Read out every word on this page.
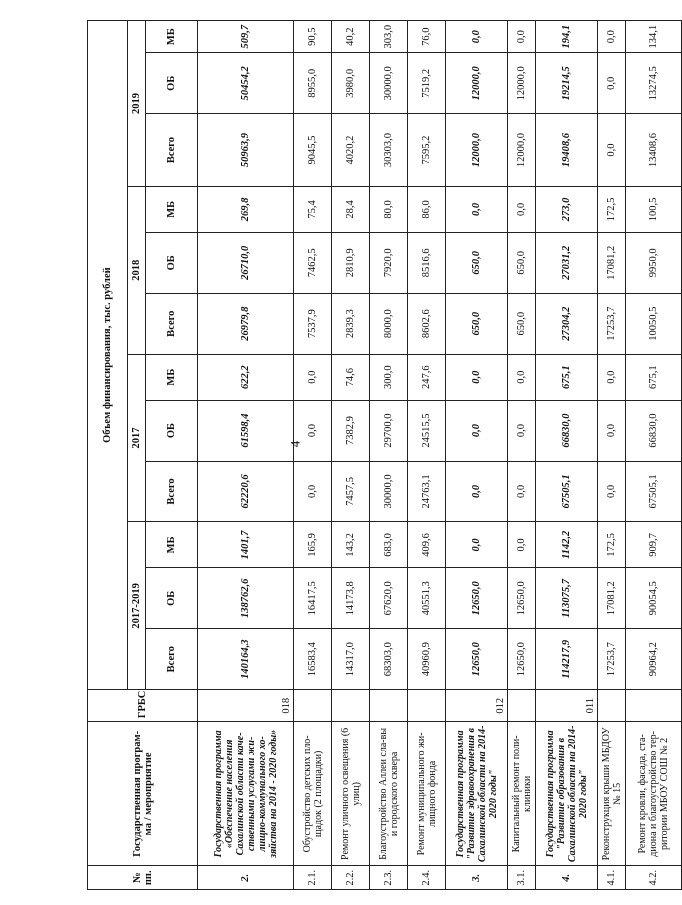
4
№ пп.	Государственная програм-ма / мероприятие	ГРБС	Объем финансирования, тыс. рублей											
			2017-2019			2017			2018			2019		
			Всего	ОБ	МБ	Всего	ОБ	МБ	Всего	ОБ	МБ	Всего	ОБ	МБ
2.	Государственная программа «Обеспечение населения Сахалинской области каче-ственными услугами жи-лищно-коммунального хо-зяйства на 2014 - 2020 годы»	018	140164,3	138762,6	1401,7	62220,6	61598,4	622,2	26979,8	26710,0	269,8	50963,9	50454,2	509,7
2.1.	Обустройство детских пло-щадок (2 площадки)		16583,4	16417,5	165,9	0,0	0,0	0,0	7537,9	7462,5	75,4	9045,5	8955,0	90,5
2.2.	Ремонт уличного освещения (6 улиц)		14317,0	14173,8	143,2	7457,5	7382,9	74,6	2839,3	2810,9	28,4	4020,2	3980,0	40,2
2.3.	Благоустройство Аллеи сла-вы и городского сквера		68303,0	67620,0	683,0	30000,0	29700,0	300,0	8000,0	7920,0	80,0	30303,0	30000,0	303,0
2.4.	Ремонт муниципального жи-лищного фонда		40960,9	40551,3	409,6	24763,1	24515,5	247,6	8602,6	8516,6	86,0	7595,2	7519,2	76,0
3.	Государственная программа "Развитие здравоохранения в Сахалинской области на 2014-2020 годы"	012	12650,0	12650,0	0,0	0,0	0,0	0,0	650,0	650,0	0,0	12000,0	12000,0	0,0
3.1.	Капитальный ремонт поли-клиники		12650,0	12650,0	0,0	0,0	0,0	0,0	650,0	650,0	0,0	12000,0	12000,0	0,0
4.	Государственная программа "Развитие образования в Сахалинской области на 2014-2020 годы"	011	114217,9	113075,7	1142,2	67505,1	66830,0	675,1	27304,2	27031,2	273,0	19408,6	19214,5	194,1
4.1.	Реконструкция крыши МБДОУ № 15		17253,7	17081,2	172,5	0,0	0,0	0,0	17253,7	17081,2	172,5	0,0	0,0	0,0
4.2.	Ремонт кровли, фасада, ста-диона и благоустройство тер-ритории МБОУ СОШ № 2		90964,2	90054,5	909,7	67505,1	66830,0	675,1	10050,5	9950,0	100,5	13408,6	13274,5	134,1
